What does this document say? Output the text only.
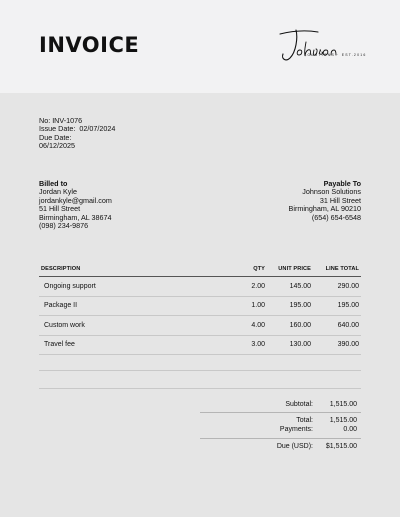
INVOICE	SOLUTIONS · EST.2016
No: INV-1076
Issue Date: 02/07/2024
Due Date:
06/12/2025
Billed to
Jordan Kyle
jordankyle@gmail.com
51 Hill Street
Birmingham, AL 38674
(098) 234-9876
Payable To
Johnson Solutions
31 Hill Street
Birmingham, AL 90210
(654) 654-6548
DESCRIPTION	QTY	UNIT PRICE	LINE TOTAL
Ongoing support	2.00	145.00	290.00
Package II	1.00	195.00	195.00
Custom work	4.00	160.00	640.00
Travel fee	3.00	130.00	390.00
Subtotal:	1,515.00
Total:	1,515.00
Payments:	0.00
Due (USD):	$1,515.00
